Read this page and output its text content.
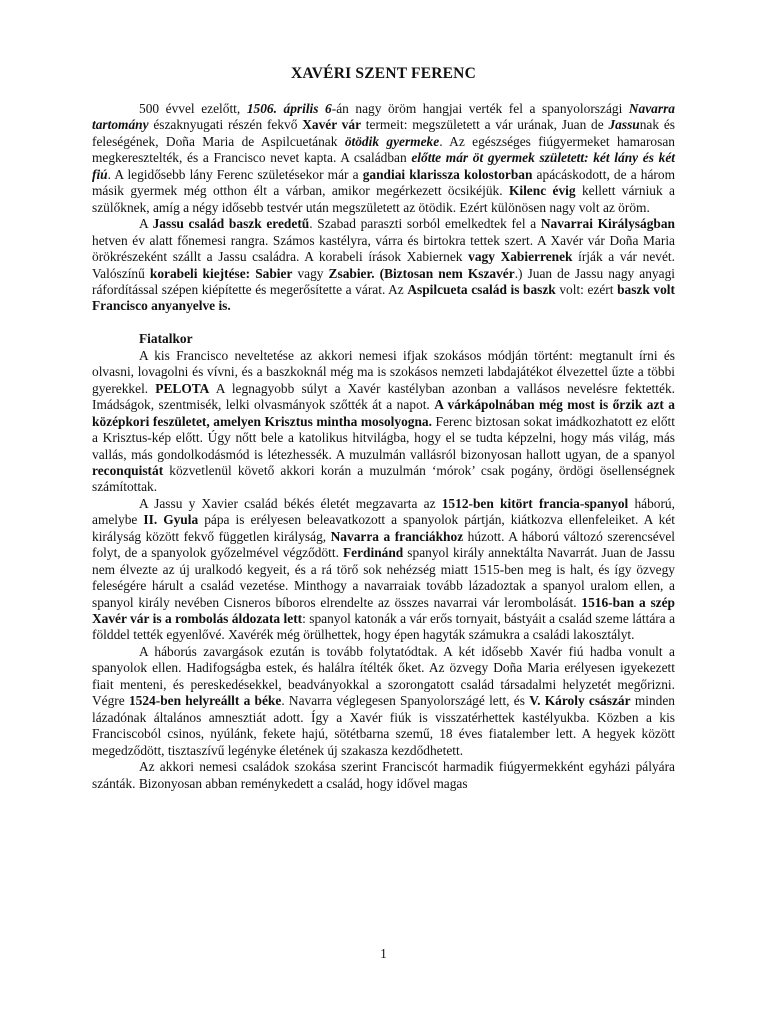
XAVÉRI SZENT FERENC

500 évvel ezelőtt, 1506. április 6-án nagy öröm hangjai verték fel a spanyolországi Navarra tartomány északnyugati részén fekvő Xavér vár termeit: megszületett a vár urának, Juan de Jassunak és feleségének, Doña Maria de Aspilcuetának ötödik gyermeke. Az egészséges fiúgyermeket hamarosan megkeresztelték, és a Francisco nevet kapta. A családban előtte már öt gyermek született: két lány és két fiú. A legidősebb lány Ferenc születésekor már a gandiai klarissza kolostorban apácáskodott, de a három másik gyermek még otthon élt a várban, amikor megérkezett öcsikéjük. Kilenc évig kellett várniuk a szülőknek, amíg a négy idősebb testvér után megszületett az ötödik. Ezért különösen nagy volt az öröm.

A Jassu család baszk eredetű. Szabad paraszti sorból emelkedtek fel a Navarrai Királyságban hetven év alatt főnemesi rangra. Számos kastélyra, várra és birtokra tettek szert. A Xavér vár Doña Maria örökrészeként szállt a Jassu családra. A korabeli írások Xabiernek vagy Xabierrenek írják a vár nevét. Valószínű korabeli kiejtése: Sabier vagy Zsabier. (Biztosan nem Kszavér.) Juan de Jassu nagy anyagi ráfordítással szépen kiépítette és megerősítette a várat. Az Aspilcueta család is baszk volt: ezért baszk volt Francisco anyanyelve is.

Fiatalkor

A kis Francisco neveltetése az akkori nemesi ifjak szokásos módján történt: megtanult írni és olvasni, lovagolni és vívni, és a baszkoknál még ma is szokásos nemzeti labdajátékot élvezettel űzte a többi gyerekkel. PELOTA A legnagyobb súlyt a Xavér kastélyban azonban a vallásos nevelésre fektették. Imádságok, szentmisék, lelki olvasmányok szőtték át a napot. A várkápolnában még most is őrzik azt a középkori feszületet, amelyen Krisztus mintha mosolyogna. Ferenc biztosan sokat imádkozhatott ez előtt a Krisztus-kép előtt. Úgy nőtt bele a katolikus hitvilágba, hogy el se tudta képzelni, hogy más világ, más vallás, más gondolkodásmód is létezhessék. A muzulmán vallásról bizonyosan hallott ugyan, de a spanyol reconquistát közvetlenül követő akkori korán a muzulmán ‘mórok’ csak pogány, ördögi ösellenségnek számítottak.

A Jassu y Xavier család békés életét megzavarta az 1512-ben kitört francia-spanyol háború, amelybe II. Gyula pápa is erélyesen beleavatkozott a spanyolok pártján, kiátkozva ellenfeleiket. A két királyság között fekvő független királyság, Navarra a franciákhoz húzott. A háború változó szerencsével folyt, de a spanyolok győzelmével végződött. Ferdinánd spanyol király annektálta Navarrát. Juan de Jassu nem élvezte az új uralkodó kegyeit, és a rá törő sok nehézség miatt 1515-ben meg is halt, és így özvegy feleségére hárult a család vezetése. Minthogy a navarraiak tovább lázadoztak a spanyol uralom ellen, a spanyol király nevében Cisneros bíboros elrendelte az összes navarrai vár lerombolását. 1516-ban a szép Xavér vár is a rombolás áldozata lett: spanyol katonák a vár erős tornyait, bástyáit a család szeme láttára a földdel tették egyenlővé. Xavérék még örülhettek, hogy épen hagyták számukra a családi lakosztályt.

A háborús zavargások ezután is tovább folytatódtak. A két idősebb Xavér fiú hadba vonult a spanyolok ellen. Hadifogságba estek, és halálra ítélték őket. Az özvegy Doña Maria erélyesen igyekezett fiait menteni, és pereskedésekkel, beadványokkal a szorongatott család társadalmi helyzetét megőrizni. Végre 1524-ben helyreállt a béke. Navarra véglegesen Spanyolországé lett, és V. Károly császár minden lázadónak általános amnesztiát adott. Így a Xavér fiúk is visszatérhettek kastélyukba. Közben a kis Franciscoból csinos, nyúlánk, fekete hajú, sötétbarna szemű, 18 éves fiatalember lett. A hegyek között megedződött, tisztaszívű legényke életének új szakasza kezdődhetett.

Az akkori nemesi családok szokása szerint Franciscót harmadik fiúgyermekként egyházi pályára szánták. Bizonyosan abban reménykedett a család, hogy idővel magas

1
